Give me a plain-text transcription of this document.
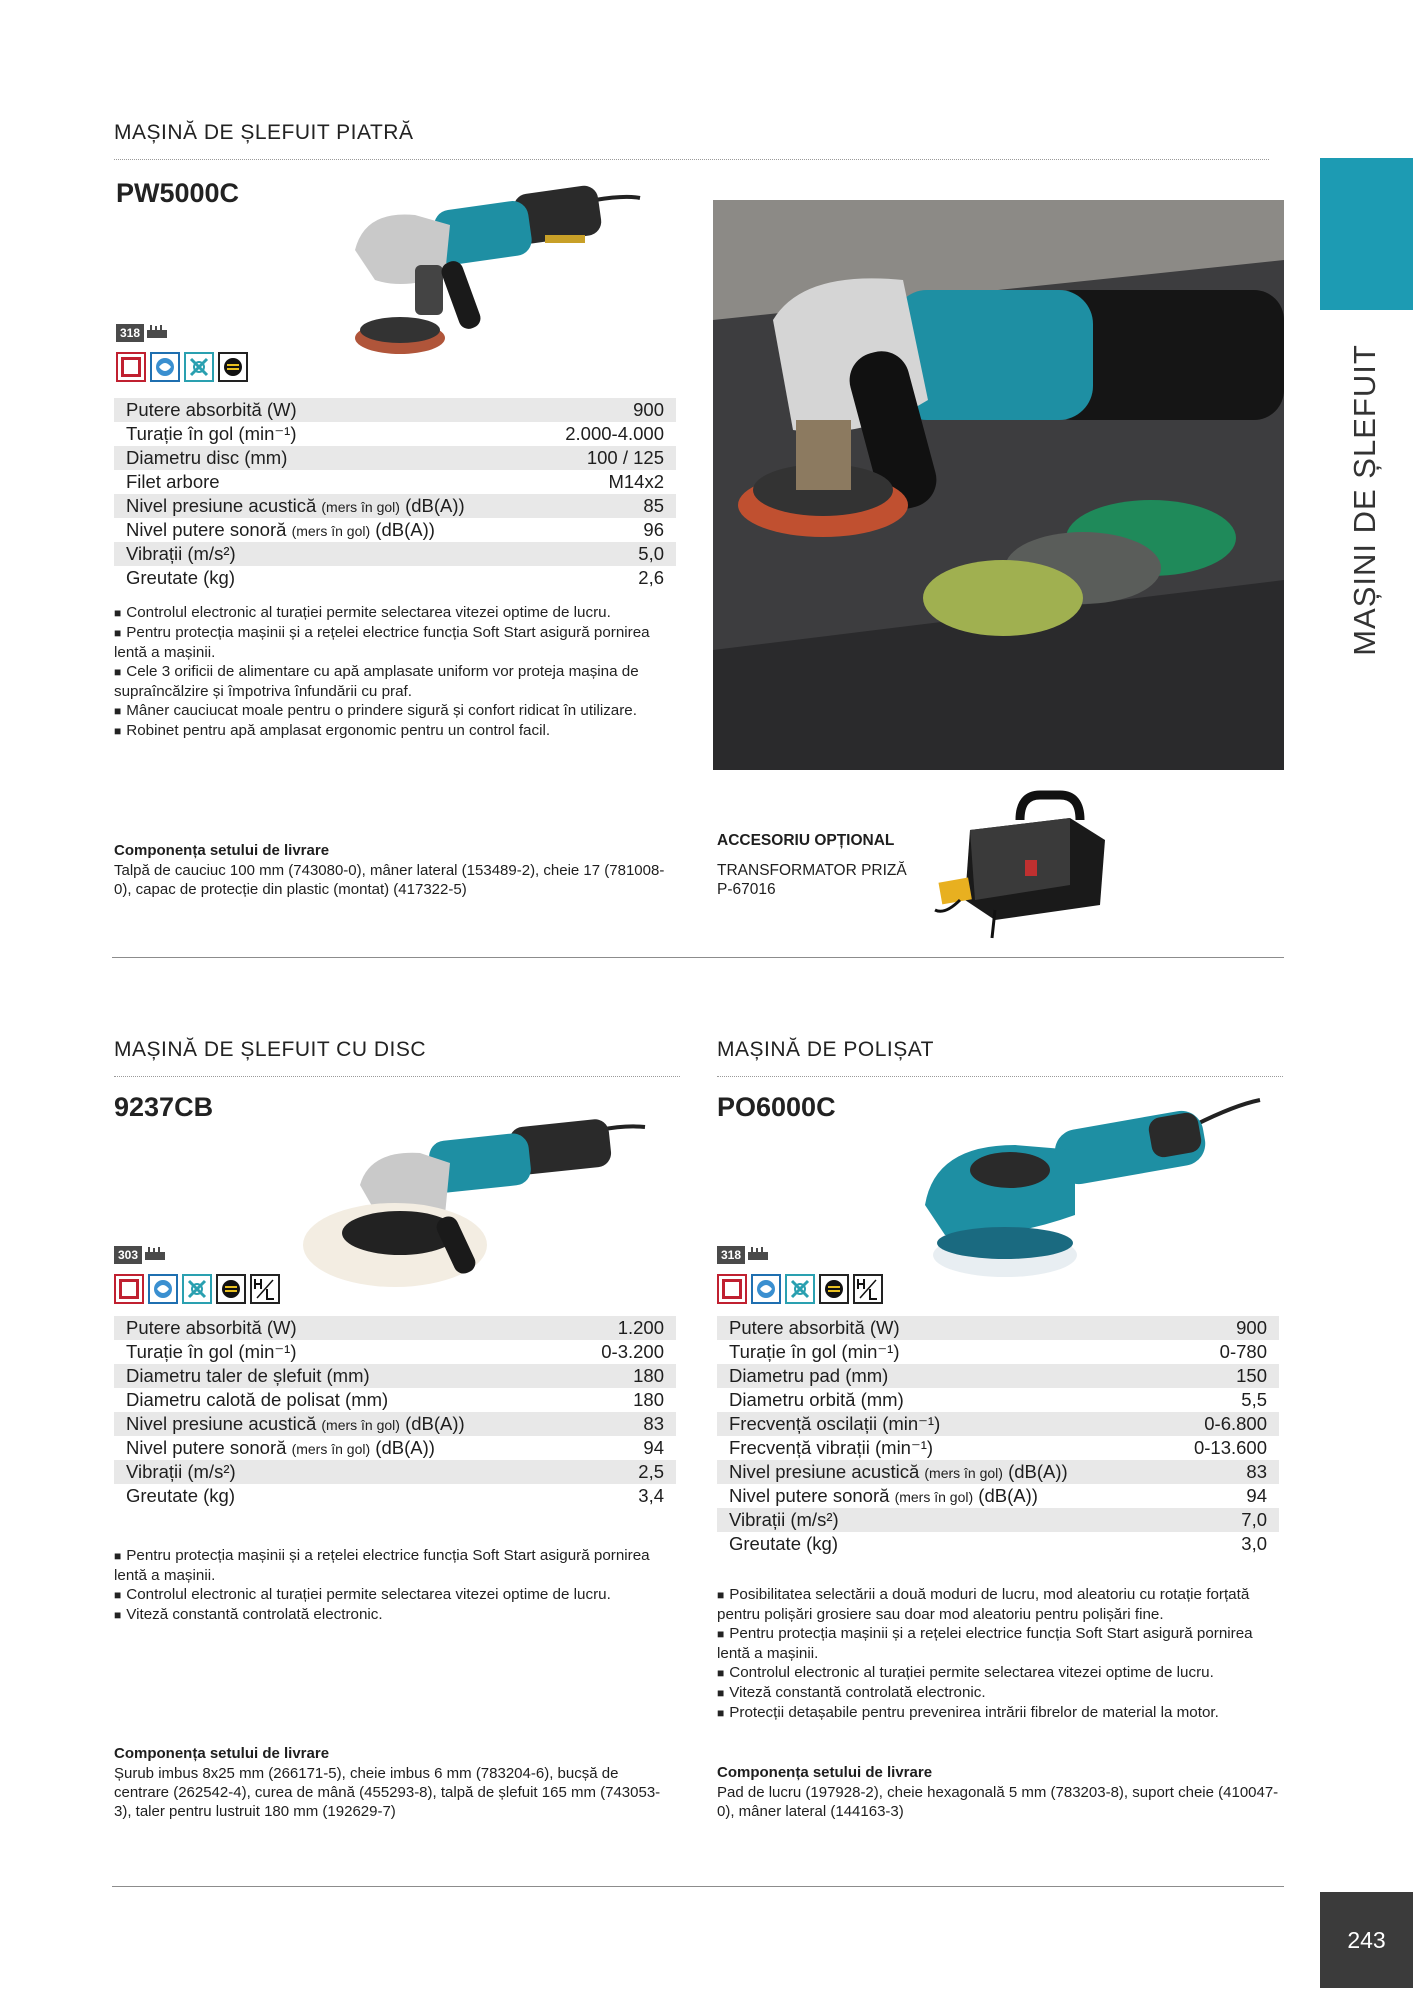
MAȘINI DE ȘLEFUIT
243
MAȘINĂ DE ȘLEFUIT PIATRĂ
PW5000C
318
Putere absorbită (W)	900
Turație în gol (min⁻¹)	2.000-4.000
Diametru disc (mm)	100 / 125
Filet arbore	M14x2
Nivel presiune acustică (mers în gol) (dB(A))	85
Nivel putere sonoră (mers în gol) (dB(A))	96
Vibrații (m/s²)	5,0
Greutate (kg)	2,6

■ Controlul electronic al turației permite selectarea vitezei optime de lucru.

■ Pentru protecția mașinii și a rețelei electrice funcția Soft Start asigură pornirea lentă a mașinii.

■ Cele 3 orificii de alimentare cu apă amplasate uniform vor proteja mașina de supraîncălzire și împotriva înfundării cu praf.

■ Mâner cauciucat moale pentru o prindere sigură și confort ridicat în utilizare.

■ Robinet pentru apă amplasat ergonomic pentru un control facil.

Componența setului de livrare
Talpă de cauciuc 100 mm (743080-0), mâner lateral (153489-2), cheie 17 (781008-0), capac de protecție din plastic (montat) (417322-5)
ACCESORIU OPȚIONAL
TRANSFORMATOR PRIZĂ
P-67016
MAȘINĂ DE ȘLEFUIT CU DISC
9237CB
303
Putere absorbită (W)	1.200
Turație în gol (min⁻¹)	0-3.200
Diametru taler de șlefuit (mm)	180
Diametru calotă de polisat (mm)	180
Nivel presiune acustică (mers în gol) (dB(A))	83
Nivel putere sonoră (mers în gol) (dB(A))	94
Vibrații (m/s²)	2,5
Greutate (kg)	3,4

■ Pentru protecția mașinii și a rețelei electrice funcția Soft Start asigură pornirea lentă a mașinii.

■ Controlul electronic al turației permite selectarea vitezei optime de lucru.

■ Viteză constantă controlată electronic.

Componența setului de livrare
Șurub imbus 8x25 mm (266171-5), cheie imbus 6 mm (783204-6), bucșă de centrare (262542-4), curea de mână (455293-8), talpă de șlefuit 165 mm (743053-3), taler pentru lustruit 180 mm (192629-7)
MAȘINĂ DE POLIȘAT
PO6000C
318
Putere absorbită (W)	900
Turație în gol (min⁻¹)	0-780
Diametru pad (mm)	150
Diametru orbită (mm)	5,5
Frecvență oscilații (min⁻¹)	0-6.800
Frecvență vibrații (min⁻¹)	0-13.600
Nivel presiune acustică (mers în gol) (dB(A))	83
Nivel putere sonoră (mers în gol) (dB(A))	94
Vibrații (m/s²)	7,0
Greutate (kg)	3,0

■ Posibilitatea selectării a două moduri de lucru, mod aleatoriu cu rotație forțată pentru polișări grosiere sau doar mod aleatoriu pentru polișări fine.

■ Pentru protecția mașinii și a rețelei electrice funcția Soft Start asigură pornirea lentă a mașinii.

■ Controlul electronic al turației permite selectarea vitezei optime de lucru.

■ Viteză constantă controlată electronic.

■ Protecții detașabile pentru prevenirea intrării fibrelor de material la motor.

Componența setului de livrare
Pad de lucru (197928-2), cheie hexagonală 5 mm (783203-8), suport cheie (410047-0), mâner lateral (144163-3)
